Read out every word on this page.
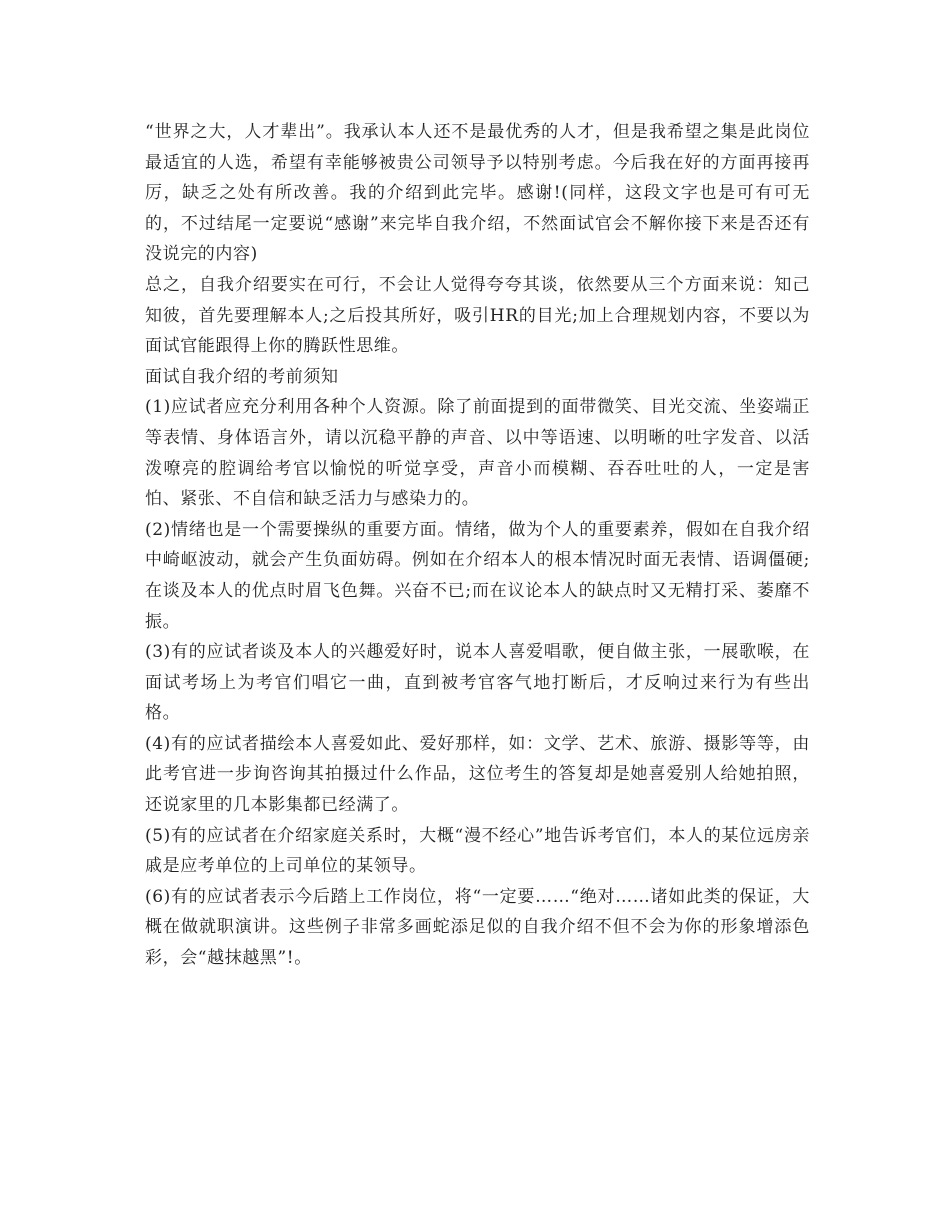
“世界之大，人才辈出”。我承认本人还不是最优秀的人才，但是我希望之集是此岗位最适宜的人选，希望有幸能够被贵公司领导予以特别考虑。今后我在好的方面再接再厉，缺乏之处有所改善。我的介绍到此完毕。感谢!(同样，这段文字也是可有可无的，不过结尾一定要说“感谢”来完毕自我介绍，不然面试官会不解你接下来是否还有没说完的内容)

总之，自我介绍要实在可行，不会让人觉得夸夸其谈，依然要从三个方面来说：知己知彼，首先要理解本人;之后投其所好，吸引HR的目光;加上合理规划内容，不要以为面试官能跟得上你的腾跃性思维。

面试自我介绍的考前须知

(1)应试者应充分利用各种个人资源。除了前面提到的面带微笑、目光交流、坐姿端正等表情、身体语言外，请以沉稳平静的声音、以中等语速、以明晰的吐字发音、以活泼嘹亮的腔调给考官以愉悦的听觉享受，声音小而模糊、吞吞吐吐的人，一定是害怕、紧张、不自信和缺乏活力与感染力的。

(2)情绪也是一个需要操纵的重要方面。情绪，做为个人的重要素养，假如在自我介绍中崎岖波动，就会产生负面妨碍。例如在介绍本人的根本情况时面无表情、语调僵硬;在谈及本人的优点时眉飞色舞。兴奋不已;而在议论本人的缺点时又无精打采、萎靡不振。

(3)有的应试者谈及本人的兴趣爱好时，说本人喜爱唱歌，便自做主张，一展歌喉，在面试考场上为考官们唱它一曲，直到被考官客气地打断后，才反响过来行为有些出格。

(4)有的应试者描绘本人喜爱如此、爱好那样，如：文学、艺术、旅游、摄影等等，由此考官进一步询咨询其拍摄过什么作品，这位考生的答复却是她喜爱别人给她拍照，还说家里的几本影集都已经满了。

(5)有的应试者在介绍家庭关系时，大概“漫不经心”地告诉考官们，本人的某位远房亲戚是应考单位的上司单位的某领导。

(6)有的应试者表示今后踏上工作岗位，将“一定要……“绝对……诸如此类的保证，大概在做就职演讲。这些例子非常多画蛇添足似的自我介绍不但不会为你的形象增添色彩，会“越抹越黑”!。
